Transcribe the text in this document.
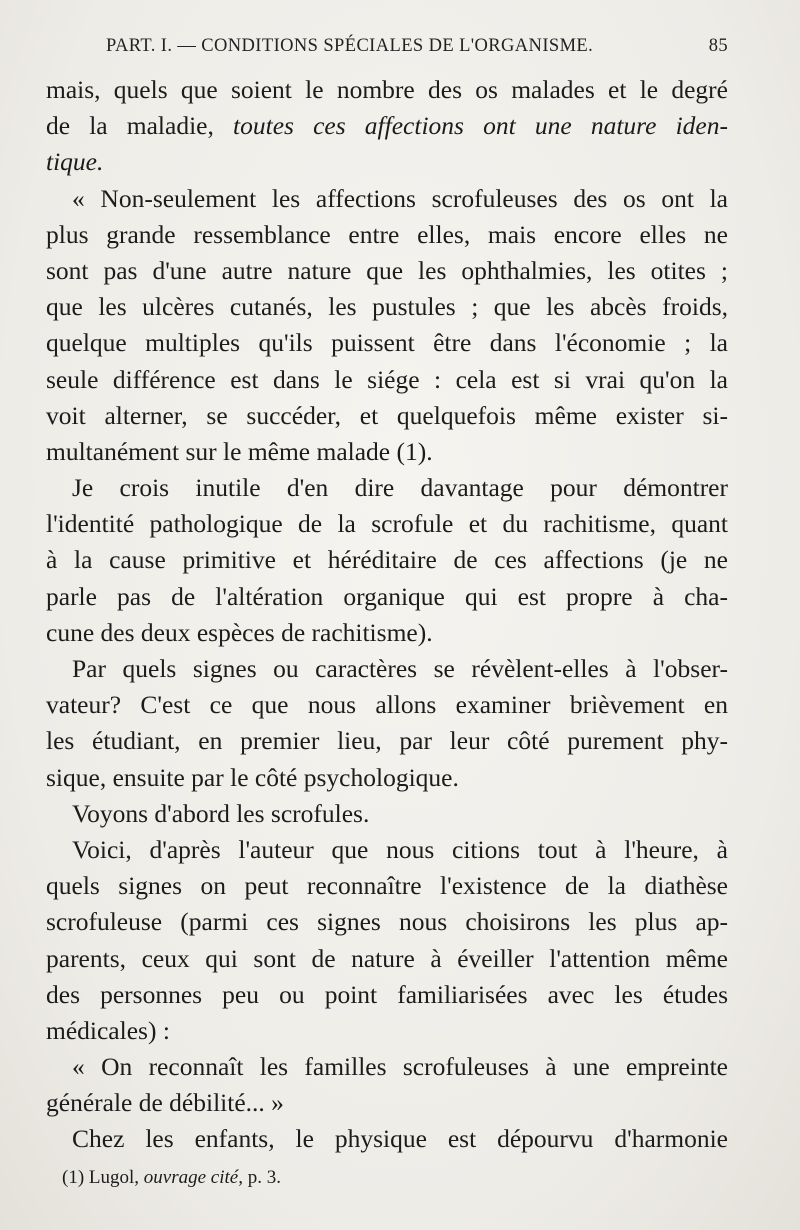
PART. I. — CONDITIONS SPÉCIALES DE L'ORGANISME.	85
mais, quels que soient le nombre des os malades et le degré
de la maladie, toutes ces affections ont une nature iden-
tique.
« Non-seulement les affections scrofuleuses des os ont la
plus grande ressemblance entre elles, mais encore elles ne
sont pas d'une autre nature que les ophthalmies, les otites ;
que les ulcères cutanés, les pustules ; que les abcès froids,
quelque multiples qu'ils puissent être dans l'économie ; la
seule différence est dans le siége : cela est si vrai qu'on la
voit alterner, se succéder, et quelquefois même exister si-
multanément sur le même malade (1).
Je crois inutile d'en dire davantage pour démontrer
l'identité pathologique de la scrofule et du rachitisme, quant
à la cause primitive et héréditaire de ces affections (je ne
parle pas de l'altération organique qui est propre à cha-
cune des deux espèces de rachitisme).
Par quels signes ou caractères se révèlent-elles à l'obser-
vateur? C'est ce que nous allons examiner brièvement en
les étudiant, en premier lieu, par leur côté purement phy-
sique, ensuite par le côté psychologique.
Voyons d'abord les scrofules.
Voici, d'après l'auteur que nous citions tout à l'heure, à
quels signes on peut reconnaître l'existence de la diathèse
scrofuleuse (parmi ces signes nous choisirons les plus ap-
parents, ceux qui sont de nature à éveiller l'attention même
des personnes peu ou point familiarisées avec les études
médicales) :
« On reconnaît les familles scrofuleuses à une empreinte
générale de débilité... »
Chez les enfants, le physique est dépourvu d'harmonie
(1) Lugol, ouvrage cité, p. 3.
